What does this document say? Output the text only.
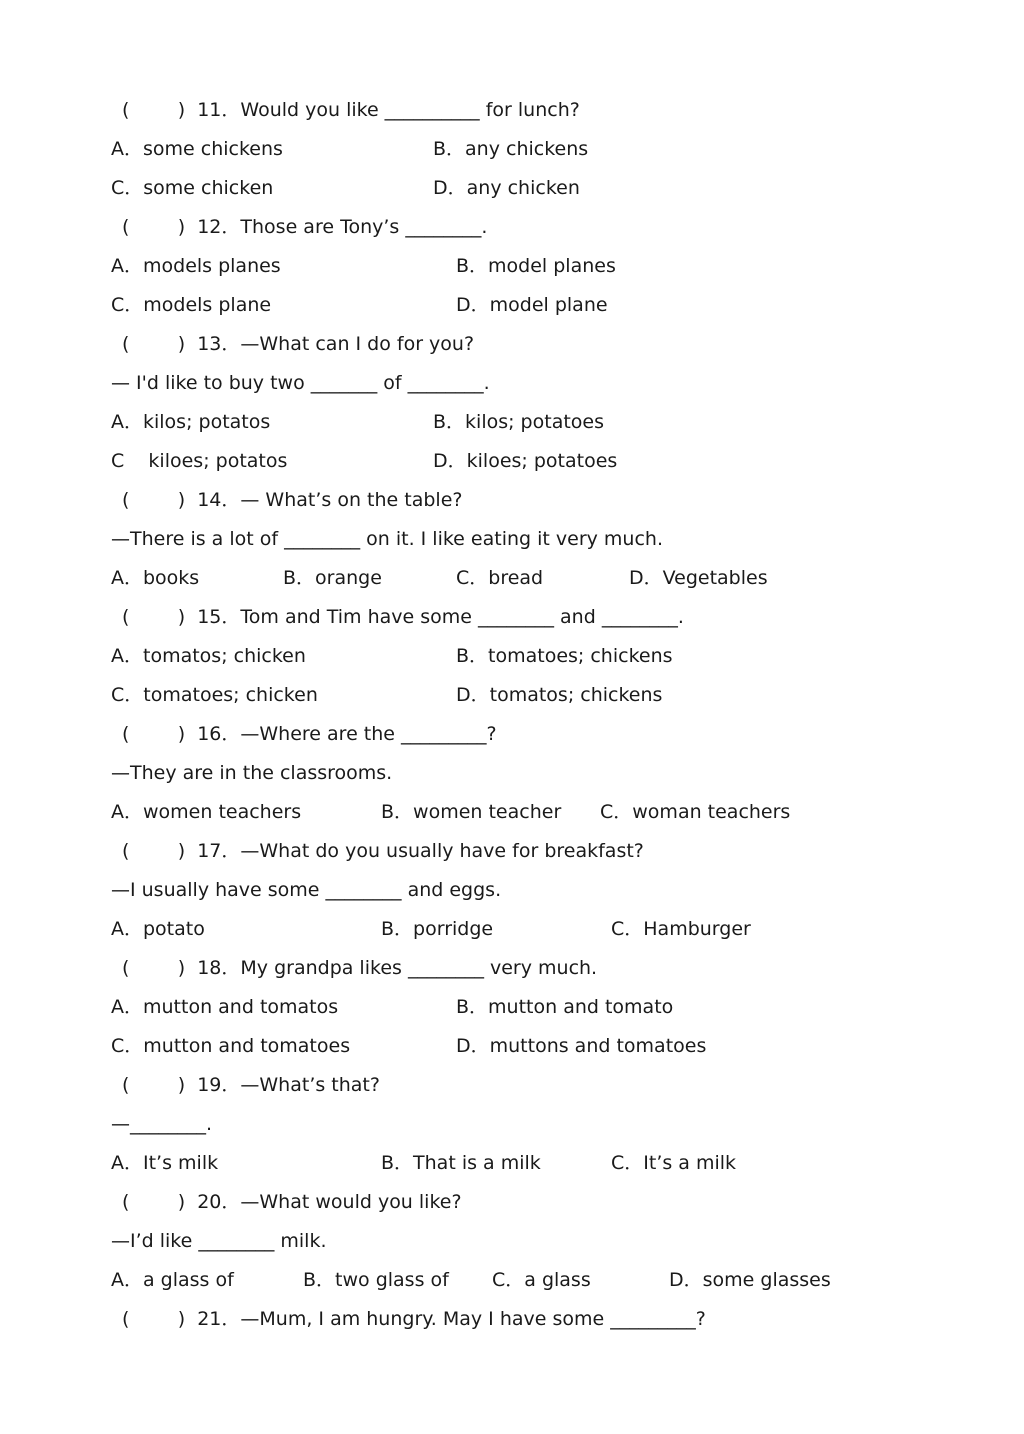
(        )  11．Would you like __________ for lunch?
A．some chickens	B．any chickens
C．some chicken	D．any chicken
(        )  12．Those are Tony’s ________.
A．models planes	B．model planes
C．models plane	D．model plane
(        )  13．—What can I do for you?
— I'd like to buy two _______ of ________.
A．kilos; potatos	B．kilos; potatoes
C    kiloes; potatos	D．kiloes; potatoes
(        )  14．— What’s on the table?
—There is a lot of ________ on it. I like eating it very much.
A．books	B．orange	C．bread	D．Vegetables
(        )  15．Tom and Tim have some ________ and ________.
A．tomatos; chicken	B．tomatoes; chickens
C．tomatoes; chicken	D．tomatos; chickens
(        )  16．—Where are the _________?
—They are in the classrooms.
A．women teachers	B．women teacher C．woman teachers
(        )  17．—What do you usually have for breakfast?
—I usually have some ________ and eggs.
A．potato	B．porridge	C．Hamburger
(        )  18．My grandpa likes ________ very much.
A．mutton and tomatos	B．mutton and tomato
C．mutton and tomatoes	D．muttons and tomatoes
(        )  19．—What’s that?
—________.
A．It’s milk	B．That is a milk	C．It’s a milk
(        )  20．—What would you like?
—I’d like ________ milk.
A．a glass of	B．two glass of C．a glass	D．some glasses
(        )  21．—Mum, I am hungry. May I have some _________?
